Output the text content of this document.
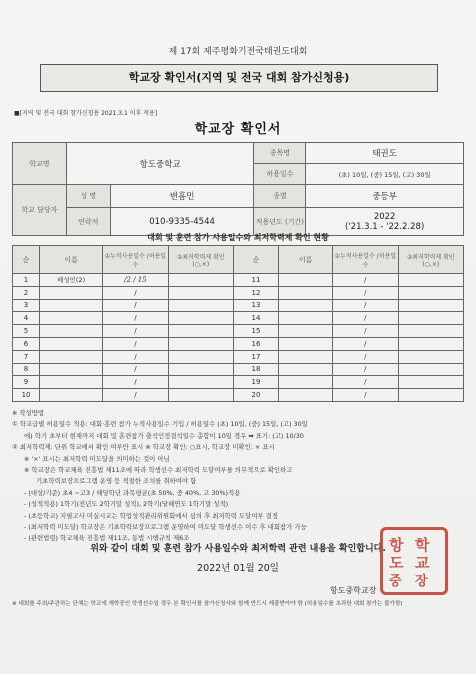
제 17회 제주평화기전국태권도대회
학교장 확인서(지역 및 전국 대회 참가신청용)
■[지역 및 전국 대회 참가신청용 2021.3.1 이후 적용]
학교장 확인서
학교명	항도중학교		종목명	태권도
			허용일수	(초) 10일, (중) 15일, (고) 30일
학교 담당자	성 명	변흠민	종별	중등부
	연락처	010-9335-4544	적용년도 (기간)	2022
('21.3.1 - '22.2.28)
대회 및 훈련 참가 사용일수와 최저학력제 확인 현황
순	이름	①누적사용일수 /허용일수	②최저학력제 확인(○,×)	순	이름	①누적사용일수 /허용일수	②최저학력제 확인(○,×)
1	배성민(2)	/2 / 15		11		/	
2		/		12		/	
3		/		13		/	
4		/		14		/	
5		/		15		/	
6		/		16		/	
7		/		17		/	
8		/		18		/	
9		/		19		/	
10		/		20		/	
※ 작성방법
① 학교급별 허용일수 적용: 대회·훈련 참가 누적사용일수 기입 / 허용일수 (초) 10일, (중) 15일, (고) 30일
에) 학기 초부터 현재까지 대회 및 훈련참가 출석인정결석일수 총합이 10일 경우 ➡ 표기: (고) 10/30
② 최저학력제: 단위 학교에서 확인 여부만 표시 ※ 학교장 확인: ○표시, 학교장 미확인: × 표시
※ '×' 표시는 최저학력 미도달을 의미하는 것이 아님
※ 학교장은 학교체육 진흥법 제11조에 따라 학생선수 최저학력 도달여부를 의무적으로 확인하고
기초학력보장프로그램 운영 등 적절한 조치를 취하여야 함
- (대상/기준) 초4 ~고3 / 해당학년 과목평균(초 50%, 중 40%, 고 30%)적용
- (성적적용) 1학기(전년도 2학기말 성적), 2학기(당해연도 1학기말 성적)
- (초등학교) 지필고사 미실시교는 학업성적관리위원회에서 심의 후 최저학력 도달여부 결정
- (최저학력 미도달) 학교장은 기초학력보장프로그램 운영하여 미도달 학생선수 이수 후 대회참가 가능
- (관련법령) 학교체육 진흥법 제11조, 동법 시행규칙 제6조
위와 같이 대회 및 훈련 참가 사용일수와 최저학력 관련 내용을 확인합니다.
2022년 01월 20일
항도중학교장
항
도
중
학
교
장
※ 대회를 주최/주관하는 단체는 학교에 재학중인 학생선수일 경우 본 확인서를 참가신청서와 함께 반드시 제출받아야 함 (허용일수를 초과한 대회 참가는 불가함)
